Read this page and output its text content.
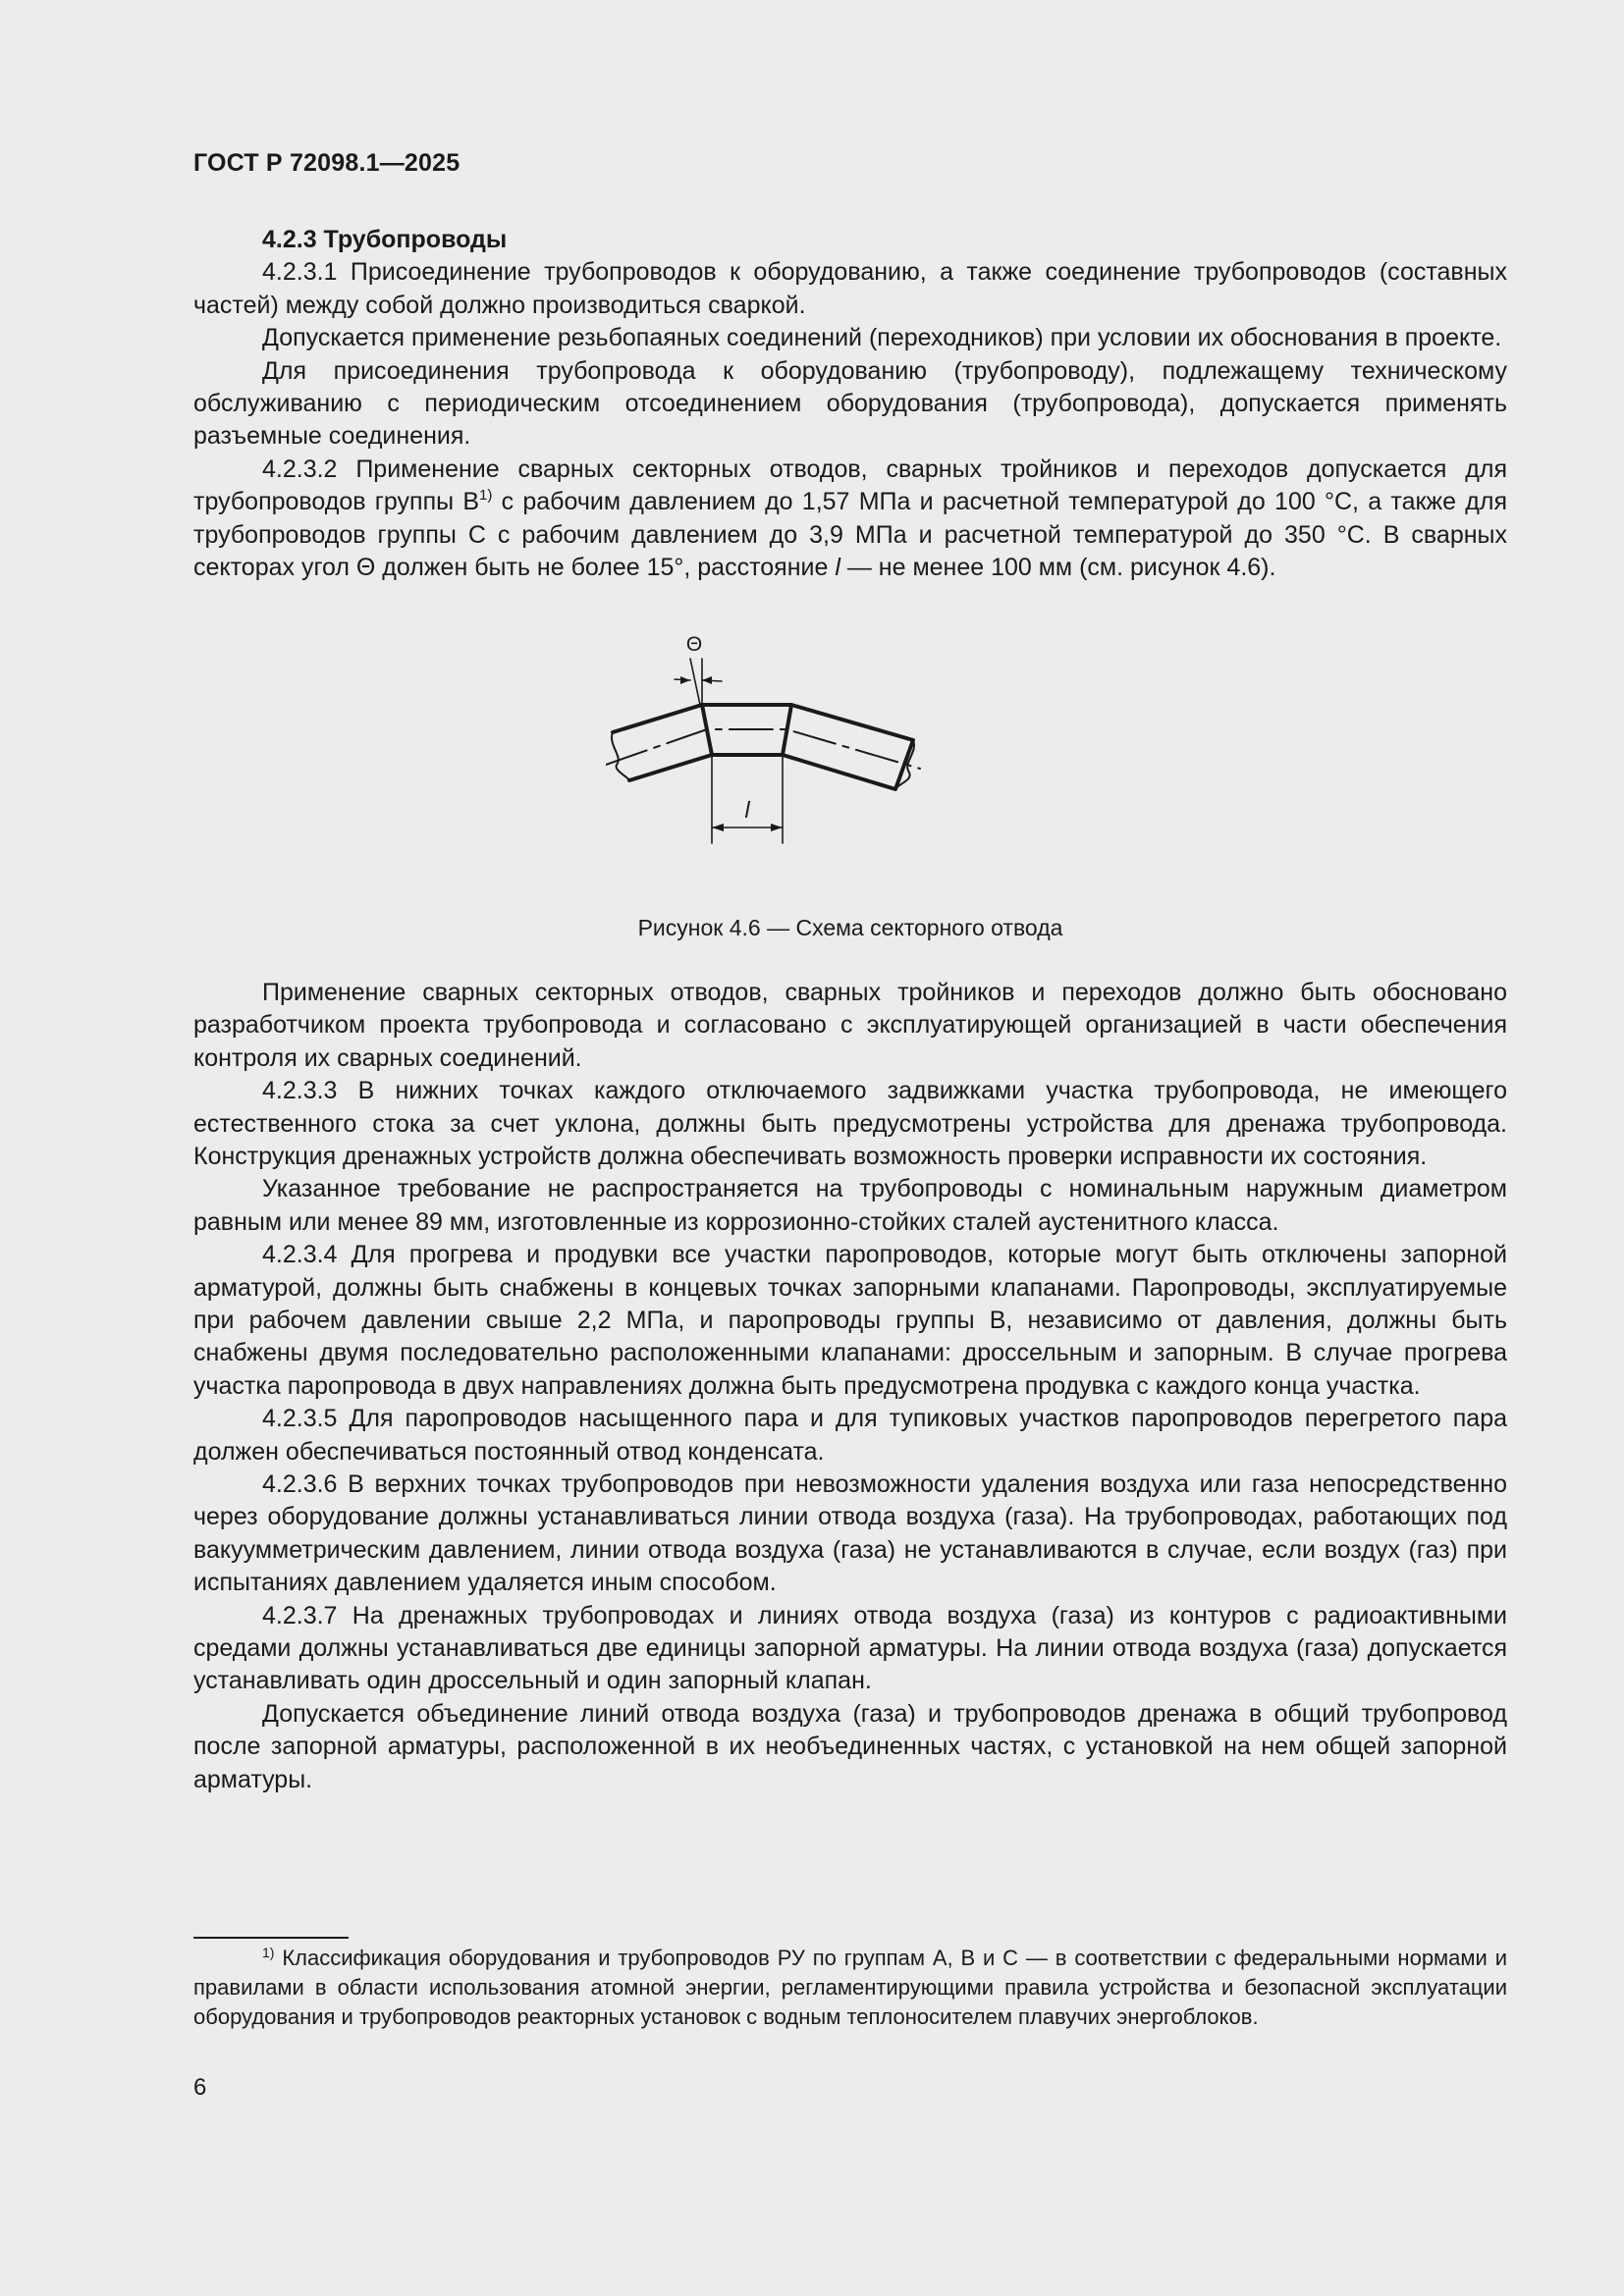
ГОСТ Р 72098.1—2025
4.2.3 Трубопроводы

4.2.3.1 Присоединение трубопроводов к оборудованию, а также соединение трубопроводов (составных частей) между собой должно производиться сваркой.

Допускается применение резьбопаяных соединений (переходников) при условии их обоснования в проекте.

Для присоединения трубопровода к оборудованию (трубопроводу), подлежащему техническому обслуживанию с периодическим отсоединением оборудования (трубопровода), допускается применять разъемные соединения.

4.2.3.2 Применение сварных секторных отводов, сварных тройников и переходов допускается для трубопроводов группы $В^{1)}$ с рабочим давлением до 1,57 МПа и расчетной температурой до 100 °С, а также для трубопроводов группы С с рабочим давлением до 3,9 МПа и расчетной температурой до 350 °С. В сварных секторах угол Θ должен быть не более 15°, расстояние l — не менее 100 мм (см. рисунок 4.6).

Θ
l
Рисунок 4.6 — Схема секторного отвода

Применение сварных секторных отводов, сварных тройников и переходов должно быть обосновано разработчиком проекта трубопровода и согласовано с эксплуатирующей организацией в части обеспечения контроля их сварных соединений.

4.2.3.3 В нижних точках каждого отключаемого задвижками участка трубопровода, не имеющего естественного стока за счет уклона, должны быть предусмотрены устройства для дренажа трубопровода. Конструкция дренажных устройств должна обеспечивать возможность проверки исправности их состояния.

Указанное требование не распространяется на трубопроводы с номинальным наружным диаметром равным или менее 89 мм, изготовленные из коррозионно-стойких сталей аустенитного класса.

4.2.3.4 Для прогрева и продувки все участки паропроводов, которые могут быть отключены запорной арматурой, должны быть снабжены в концевых точках запорными клапанами. Паропроводы, эксплуатируемые при рабочем давлении свыше 2,2 МПа, и паропроводы группы В, независимо от давления, должны быть снабжены двумя последовательно расположенными клапанами: дроссельным и запорным. В случае прогрева участка паропровода в двух направлениях должна быть предусмотрена продувка с каждого конца участка.

4.2.3.5 Для паропроводов насыщенного пара и для тупиковых участков паропроводов перегретого пара должен обеспечиваться постоянный отвод конденсата.

4.2.3.6 В верхних точках трубопроводов при невозможности удаления воздуха или газа непосредственно через оборудование должны устанавливаться линии отвода воздуха (газа). На трубопроводах, работающих под вакуумметрическим давлением, линии отвода воздуха (газа) не устанавливаются в случае, если воздух (газ) при испытаниях давлением удаляется иным способом.

4.2.3.7 На дренажных трубопроводах и линиях отвода воздуха (газа) из контуров с радиоактивными средами должны устанавливаться две единицы запорной арматуры. На линии отвода воздуха (газа) допускается устанавливать один дроссельный и один запорный клапан.

Допускается объединение линий отвода воздуха (газа) и трубопроводов дренажа в общий трубопровод после запорной арматуры, расположенной в их необъединенных частях, с установкой на нем общей запорной арматуры.

$^{1)}$ Классификация оборудования и трубопроводов РУ по группам А, В и С — в соответствии с федеральными нормами и правилами в области использования атомной энергии, регламентирующими правила устройства и безопасной эксплуатации оборудования и трубопроводов реакторных установок с водным теплоносителем плавучих энергоблоков.

6
